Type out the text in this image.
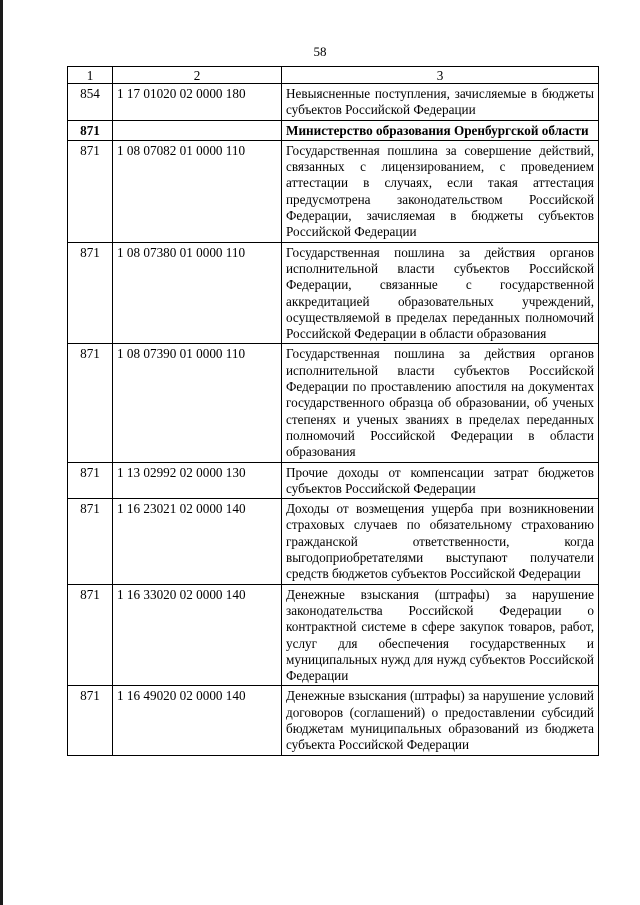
58
1	2	3
854	1 17 01020 02 0000 180	Невыясненные поступления, зачисляемые в бюджеты субъектов Российской Федерации
871		Министерство образования Оренбургской области
871	1 08 07082 01 0000 110	Государственная пошлина за совершение действий, связанных с лицензированием, с проведением аттестации в случаях, если такая аттестация предусмотрена законодательством Российской Федерации, зачисляемая в бюджеты субъектов Российской Федерации
871	1 08 07380 01 0000 110	Государственная пошлина за действия органов исполнительной власти субъектов Российской Федерации, связанные с государственной аккредитацией образовательных учреждений, осуществляемой в пределах переданных полномочий Российской Федерации в области образования
871	1 08 07390 01 0000 110	Государственная пошлина за действия органов исполнительной власти субъектов Российской Федерации по проставлению апостиля на документах государственного образца об образовании, об ученых степенях и ученых званиях в пределах переданных полномочий Российской Федерации в области образования
871	1 13 02992 02 0000 130	Прочие доходы от компенсации затрат бюджетов субъектов Российской Федерации
871	1 16 23021 02 0000 140	Доходы от возмещения ущерба при возникновении страховых случаев по обязательному страхованию гражданской ответственности, когда выгодоприобретателями выступают получатели средств бюджетов субъектов Российской Федерации
871	1 16 33020 02 0000 140	Денежные взыскания (штрафы) за нарушение законодательства Российской Федерации о контрактной системе в сфере закупок товаров, работ, услуг для обеспечения государственных и муниципальных нужд для нужд субъектов Российской Федерации
871	1 16 49020 02 0000 140	Денежные взыскания (штрафы) за нарушение условий договоров (соглашений) о предоставлении субсидий бюджетам муниципальных образований из бюджета субъекта Российской Федерации
